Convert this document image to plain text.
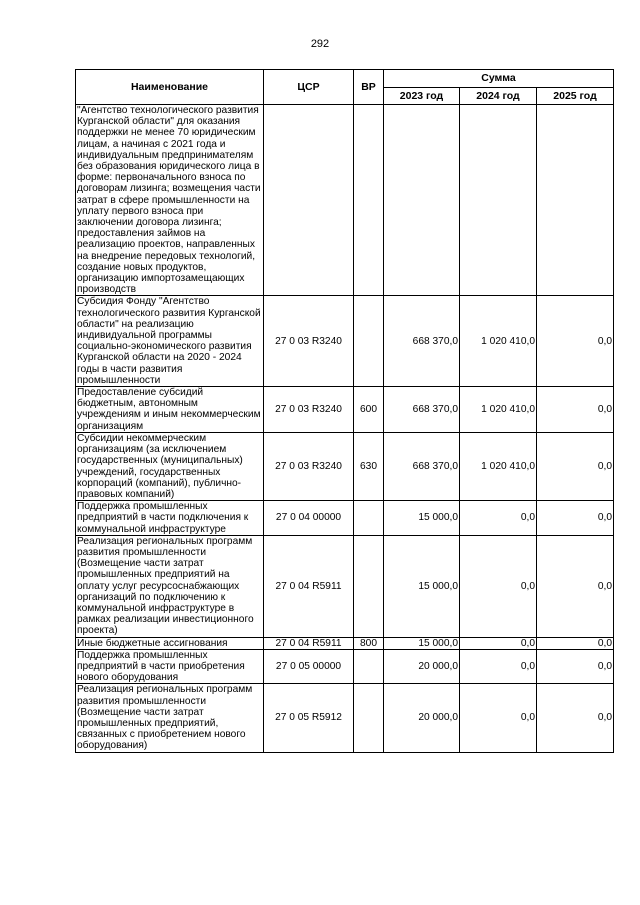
292
Наименование	ЦСР	ВР	Сумма		
			2023 год	2024 год	2025 год
"Агентство технологического развития Курганской области" для оказания поддержки не менее 70 юридическим лицам, а начиная с 2021 года и индивидуальным предпринимателям без образования юридического лица в форме: первоначального взноса по договорам лизинга; возмещения части затрат в сфере промышленности на уплату первого взноса при заключении договора лизинга; предоставления займов на реализацию проектов, направленных на внедрение передовых технологий, создание новых продуктов, организацию импортозамещающих производств					
Субсидия Фонду "Агентство технологического развития Курганской области" на реализацию индивидуальной программы социально-экономического развития Курганской области на 2020 - 2024 годы в части развития промышленности	27 0 03 R3240		668 370,0	1 020 410,0	0,0
Предоставление субсидий бюджетным, автономным учреждениям и иным некоммерческим организациям	27 0 03 R3240	600	668 370,0	1 020 410,0	0,0
Субсидии некоммерческим организациям (за исключением государственных (муниципальных) учреждений, государственных корпораций (компаний), публично-правовых компаний)	27 0 03 R3240	630	668 370,0	1 020 410,0	0,0
Поддержка промышленных предприятий в части подключения к коммунальной инфраструктуре	27 0 04 00000		15 000,0	0,0	0,0
Реализация региональных программ развития промышленности (Возмещение части затрат промышленных предприятий на оплату услуг ресурсоснабжающих организаций по подключению к коммунальной инфраструктуре в рамках реализации инвестиционного проекта)	27 0 04 R5911		15 000,0	0,0	0,0
Иные бюджетные ассигнования	27 0 04 R5911	800	15 000,0	0,0	0,0
Поддержка промышленных предприятий в части приобретения нового оборудования	27 0 05 00000		20 000,0	0,0	0,0
Реализация региональных программ развития промышленности (Возмещение части затрат промышленных предприятий, связанных с приобретением нового оборудования)	27 0 05 R5912		20 000,0	0,0	0,0
